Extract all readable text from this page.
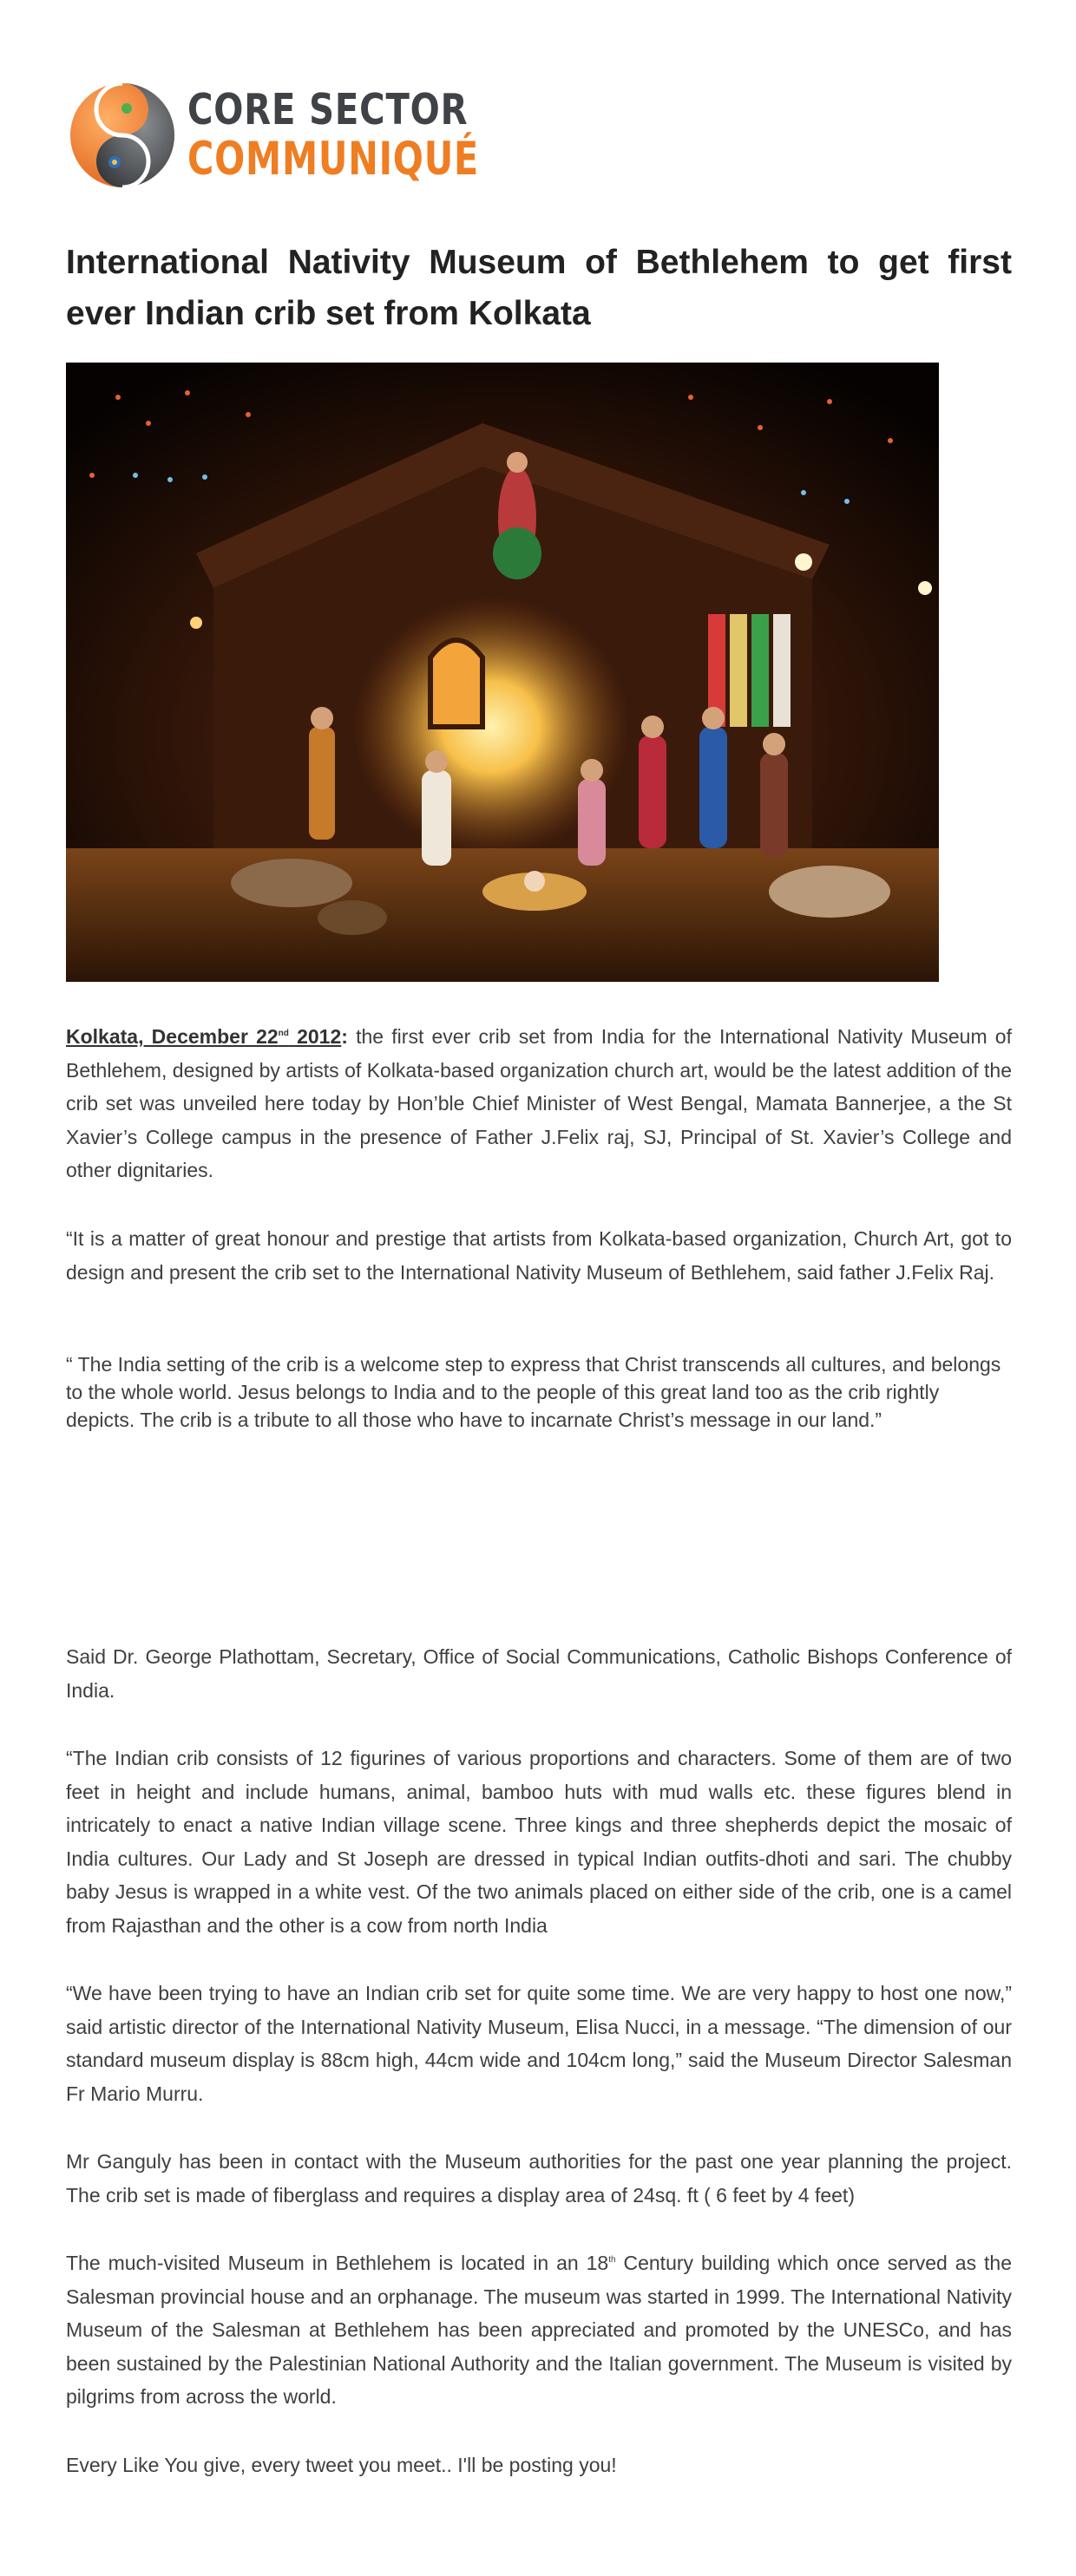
CORE SECTOR
COMMUNIQUÉ
International Nativity Museum of Bethlehem to get first ever Indian crib set from Kolkata

Kolkata, December 22nd 2012: the first ever crib set from India for the International Nativity Museum of Bethlehem, designed by artists of Kolkata-based organization church art, would be the latest addition of the crib set was unveiled here today by Hon’ble Chief Minister of West Bengal, Mamata Bannerjee, a the St Xavier’s College campus in the presence of Father J.Felix raj, SJ, Principal of St. Xavier’s College and other dignitaries.

“It is a matter of great honour and prestige that artists from Kolkata-based organization, Church Art, got to design and present the crib set to the International Nativity Museum of Bethlehem, said father J.Felix Raj.

“ The India setting of the crib is a welcome step to express that Christ transcends all cultures, and belongs to the whole world. Jesus belongs to India and to the people of this great land too as the crib rightly depicts. The crib is a tribute to all those who have to incarnate Christ’s message in our land.”

Said Dr. George Plathottam, Secretary, Office of Social Communications, Catholic Bishops Conference of India.

“The Indian crib consists of 12 figurines of various proportions and characters. Some of them are of two feet in height and include humans, animal, bamboo huts with mud walls etc. these figures blend in intricately to enact a native Indian village scene. Three kings and three shepherds depict the mosaic of India cultures. Our Lady and St Joseph are dressed in typical Indian outfits-dhoti and sari. The chubby baby Jesus is wrapped in a white vest. Of the two animals placed on either side of the crib, one is a camel from Rajasthan and the other is a cow from north India

“We have been trying to have an Indian crib set for quite some time. We are very happy to host one now,” said artistic director of the International Nativity Museum, Elisa Nucci, in a message. “The dimension of our standard museum display is 88cm high, 44cm wide and 104cm long,” said the Museum Director Salesman Fr Mario Murru.

Mr Ganguly has been in contact with the Museum authorities for the past one year planning the project. The crib set is made of fiberglass and requires a display area of 24sq. ft ( 6 feet by 4 feet)

The much-visited Museum in Bethlehem is located in an 18th Century building which once served as the Salesman provincial house and an orphanage. The museum was started in 1999. The International Nativity Museum of the Salesman at Bethlehem has been appreciated and promoted by the UNESCo, and has been sustained by the Palestinian National Authority and the Italian government. The Museum is visited by pilgrims from across the world.

Every Like You give, every tweet you meet.. I'll be posting you!
